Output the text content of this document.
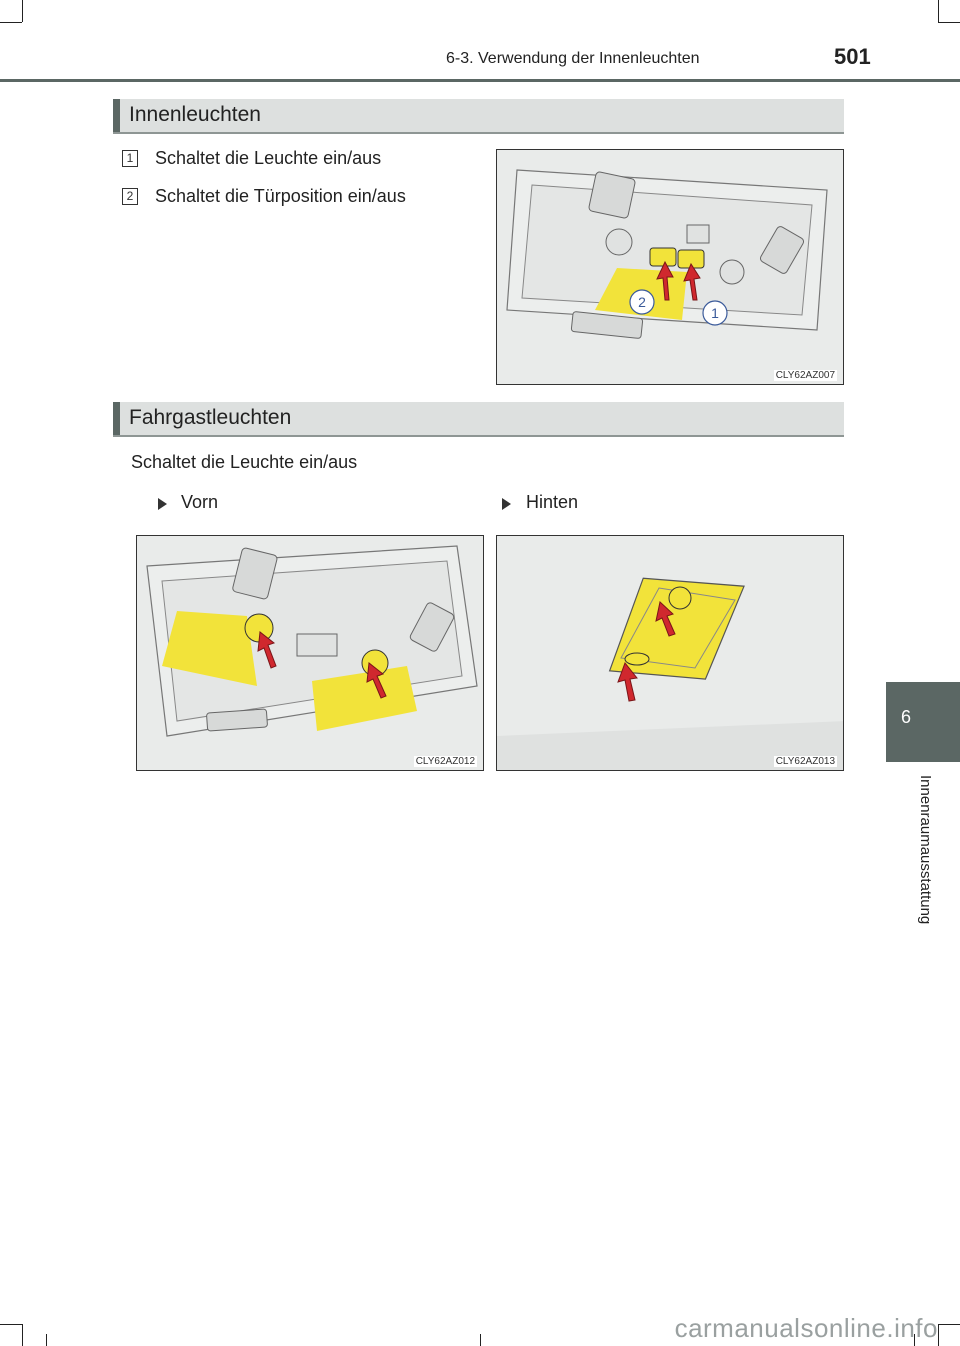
6-3. Verwendung der Innenleuchten	501
Innenleuchten
1 Schaltet die Leuchte ein/aus
2 Schaltet die Türposition ein/aus
2
1
CLY62AZ007
Fahrgastleuchten
Schaltet die Leuchte ein/aus
Vorn	Hinten
CLY62AZ012	CLY62AZ013
6
Innenraumausstattung
carmanualsonline.info
